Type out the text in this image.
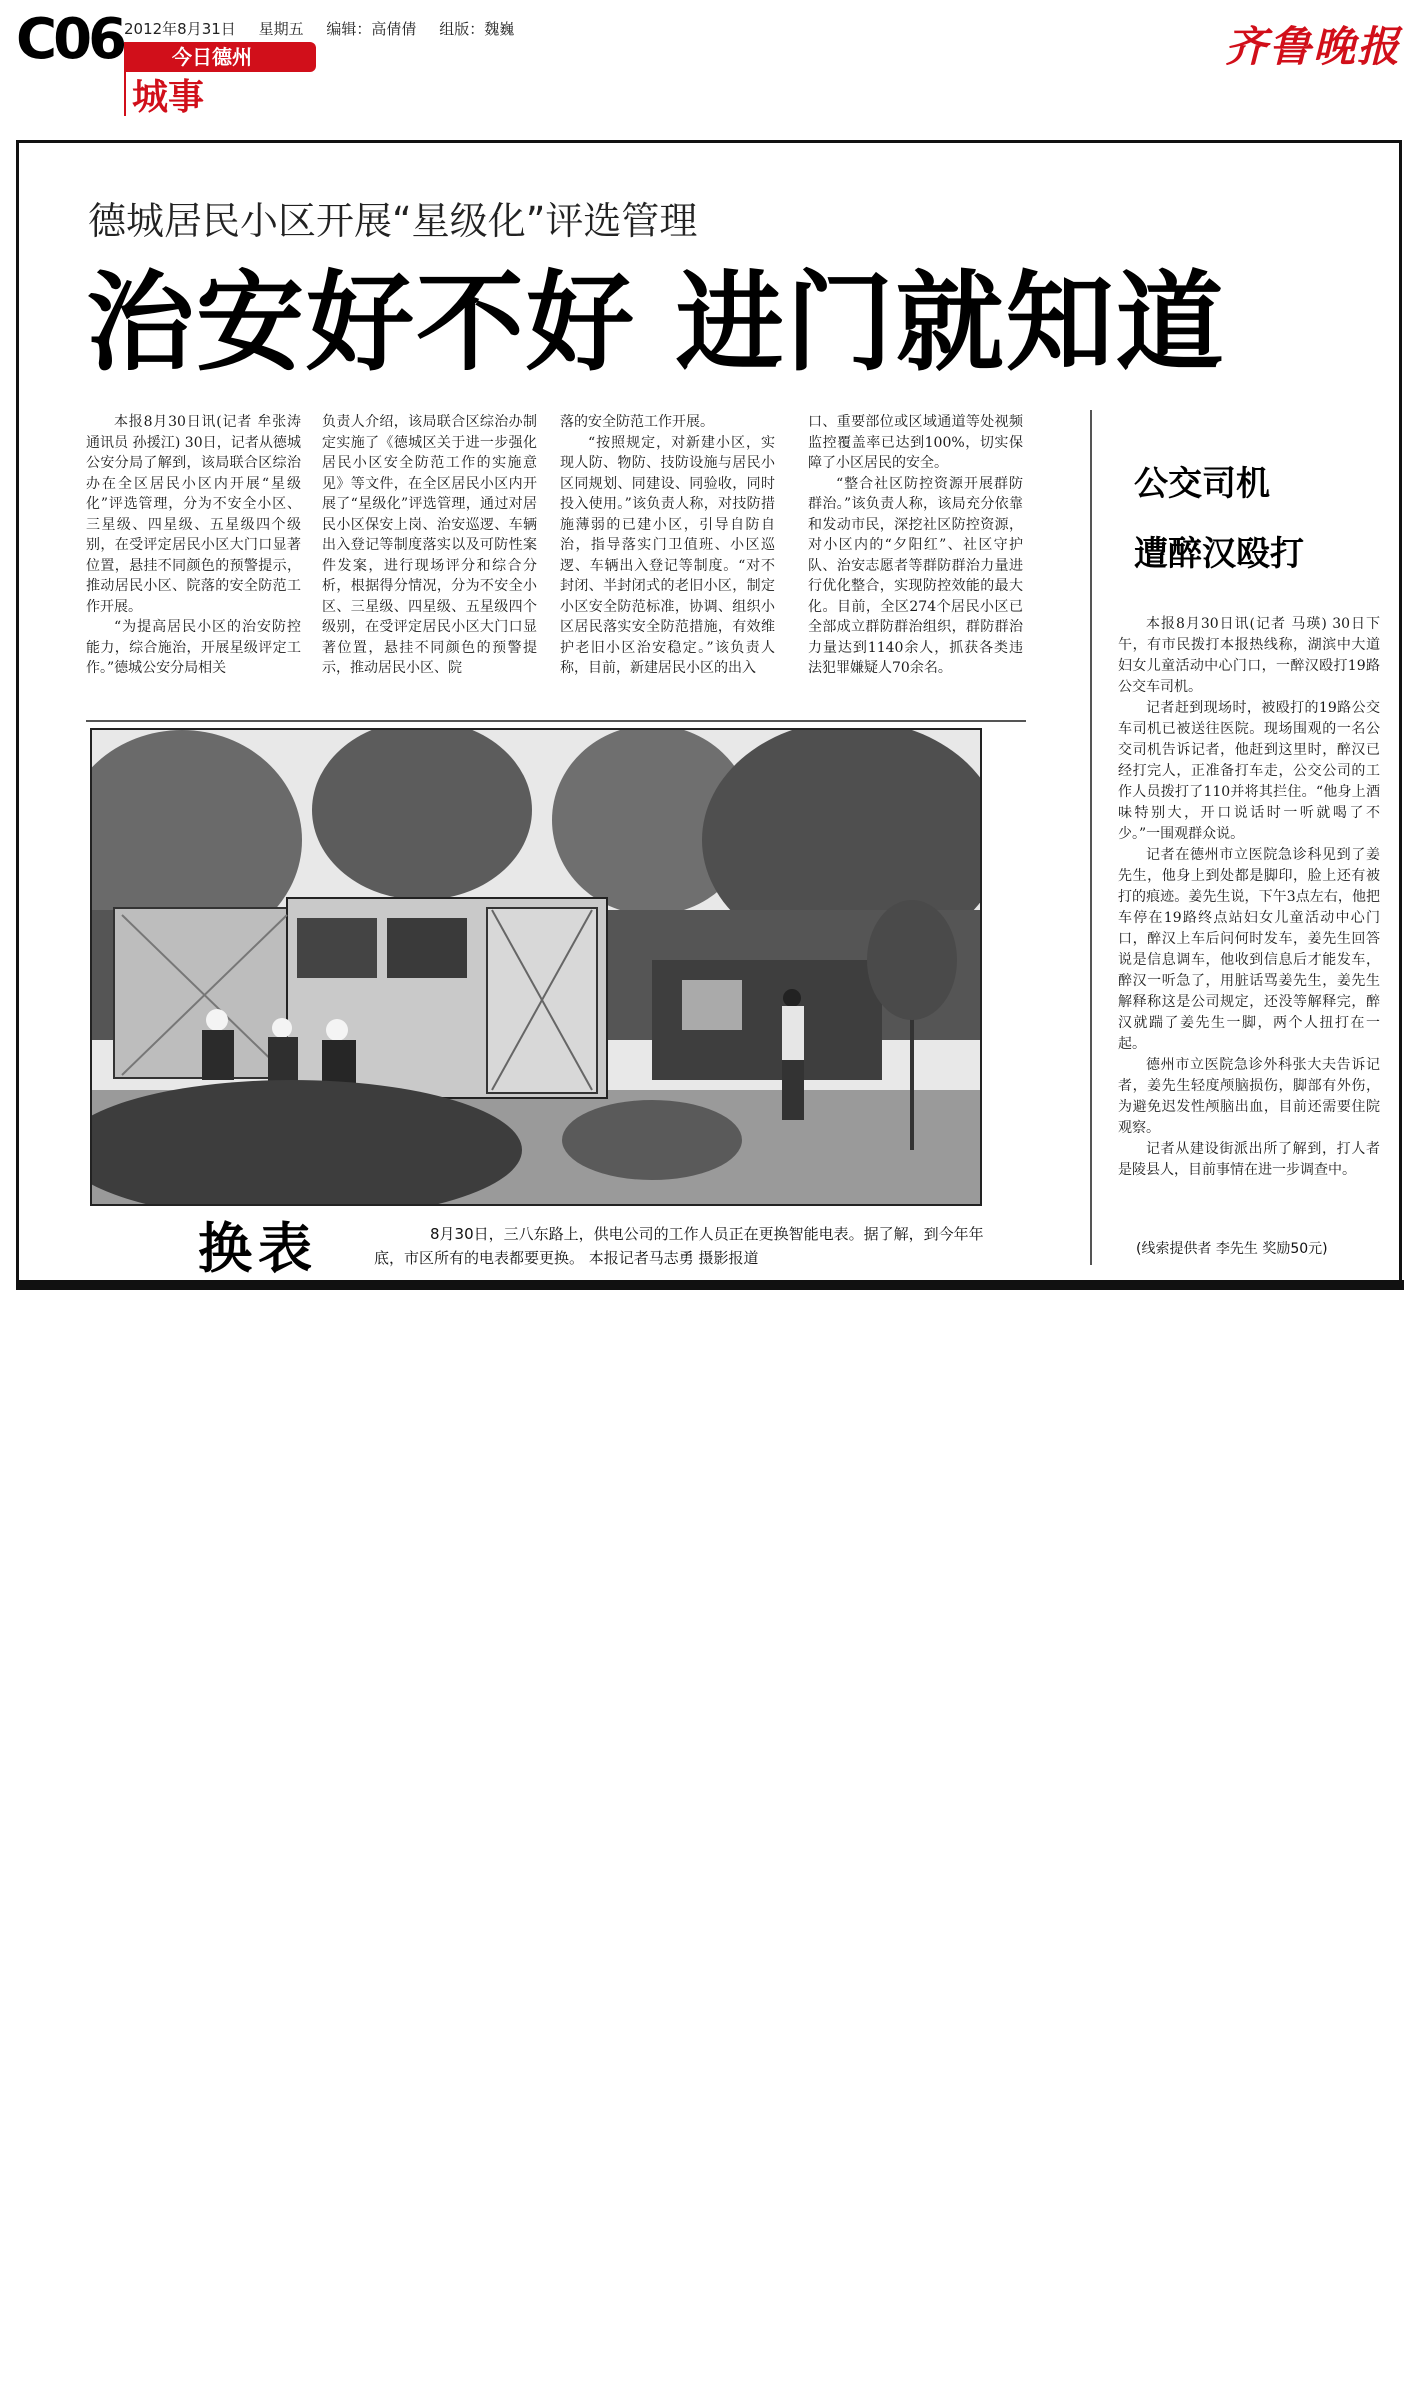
C06 2012年8月31日 星期五 编辑：高倩倩 组版：魏巍
今日德州
城事
齐鲁晚报
德城居民小区开展“星级化”评选管理
治安好不好 进门就知道

本报8月30日讯(记者 牟张涛 通讯员 孙援江) 30日，记者从德城公安分局了解到，该局联合区综治办在全区居民小区内开展“星级化”评选管理，分为不安全小区、三星级、四星级、五星级四个级别，在受评定居民小区大门口显著位置，悬挂不同颜色的预警提示，推动居民小区、院落的安全防范工作开展。

“为提高居民小区的治安防控能力，综合施治，开展星级评定工作。”德城公安分局相关

负责人介绍，该局联合区综治办制定实施了《德城区关于进一步强化居民小区安全防范工作的实施意见》等文件，在全区居民小区内开展了“星级化”评选管理，通过对居民小区保安上岗、治安巡逻、车辆出入登记等制度落实以及可防性案件发案，进行现场评分和综合分析，根据得分情况，分为不安全小区、三星级、四星级、五星级四个级别，在受评定居民小区大门口显著位置，悬挂不同颜色的预警提示，推动居民小区、院

落的安全防范工作开展。

“按照规定，对新建小区，实现人防、物防、技防设施与居民小区同规划、同建设、同验收，同时投入使用。”该负责人称，对技防措施薄弱的已建小区，引导自防自治，指导落实门卫值班、小区巡逻、车辆出入登记等制度。“对不封闭、半封闭式的老旧小区，制定小区安全防范标准，协调、组织小区居民落实安全防范措施，有效维护老旧小区治安稳定。”该负责人称，目前，新建居民小区的出入

口、重要部位或区域通道等处视频监控覆盖率已达到100%，切实保障了小区居民的安全。

“整合社区防控资源开展群防群治。”该负责人称，该局充分依靠和发动市民，深挖社区防控资源，对小区内的“夕阳红”、社区守护队、治安志愿者等群防群治力量进行优化整合，实现防控效能的最大化。目前，全区274个居民小区已全部成立群防群治组织，群防群治力量达到1140余人，抓获各类违法犯罪嫌疑人70余名。

换表	8月30日，三八东路上，供电公司的工作人员正在更换智能电表。据了解，到今年年底，市区所有的电表都要更换。 本报记者马志勇 摄影报道
公交司机
遭醉汉殴打

本报8月30日讯(记者 马瑛) 30日下午，有市民拨打本报热线称，湖滨中大道妇女儿童活动中心门口，一醉汉殴打19路公交车司机。

记者赶到现场时，被殴打的19路公交车司机已被送往医院。现场围观的一名公交司机告诉记者，他赶到这里时，醉汉已经打完人，正准备打车走，公交公司的工作人员拨打了110并将其拦住。“他身上酒味特别大，开口说话时一听就喝了不少。”一围观群众说。

记者在德州市立医院急诊科见到了姜先生，他身上到处都是脚印，脸上还有被打的痕迹。姜先生说，下午3点左右，他把车停在19路终点站妇女儿童活动中心门口，醉汉上车后问何时发车，姜先生回答说是信息调车，他收到信息后才能发车，醉汉一听急了，用脏话骂姜先生，姜先生解释称这是公司规定，还没等解释完，醉汉就踹了姜先生一脚，两个人扭打在一起。

德州市立医院急诊外科张大夫告诉记者，姜先生轻度颅脑损伤，脚部有外伤，为避免迟发性颅脑出血，目前还需要住院观察。

记者从建设街派出所了解到，打人者是陵县人，目前事情在进一步调查中。

(线索提供者 李先生 奖励50元)
